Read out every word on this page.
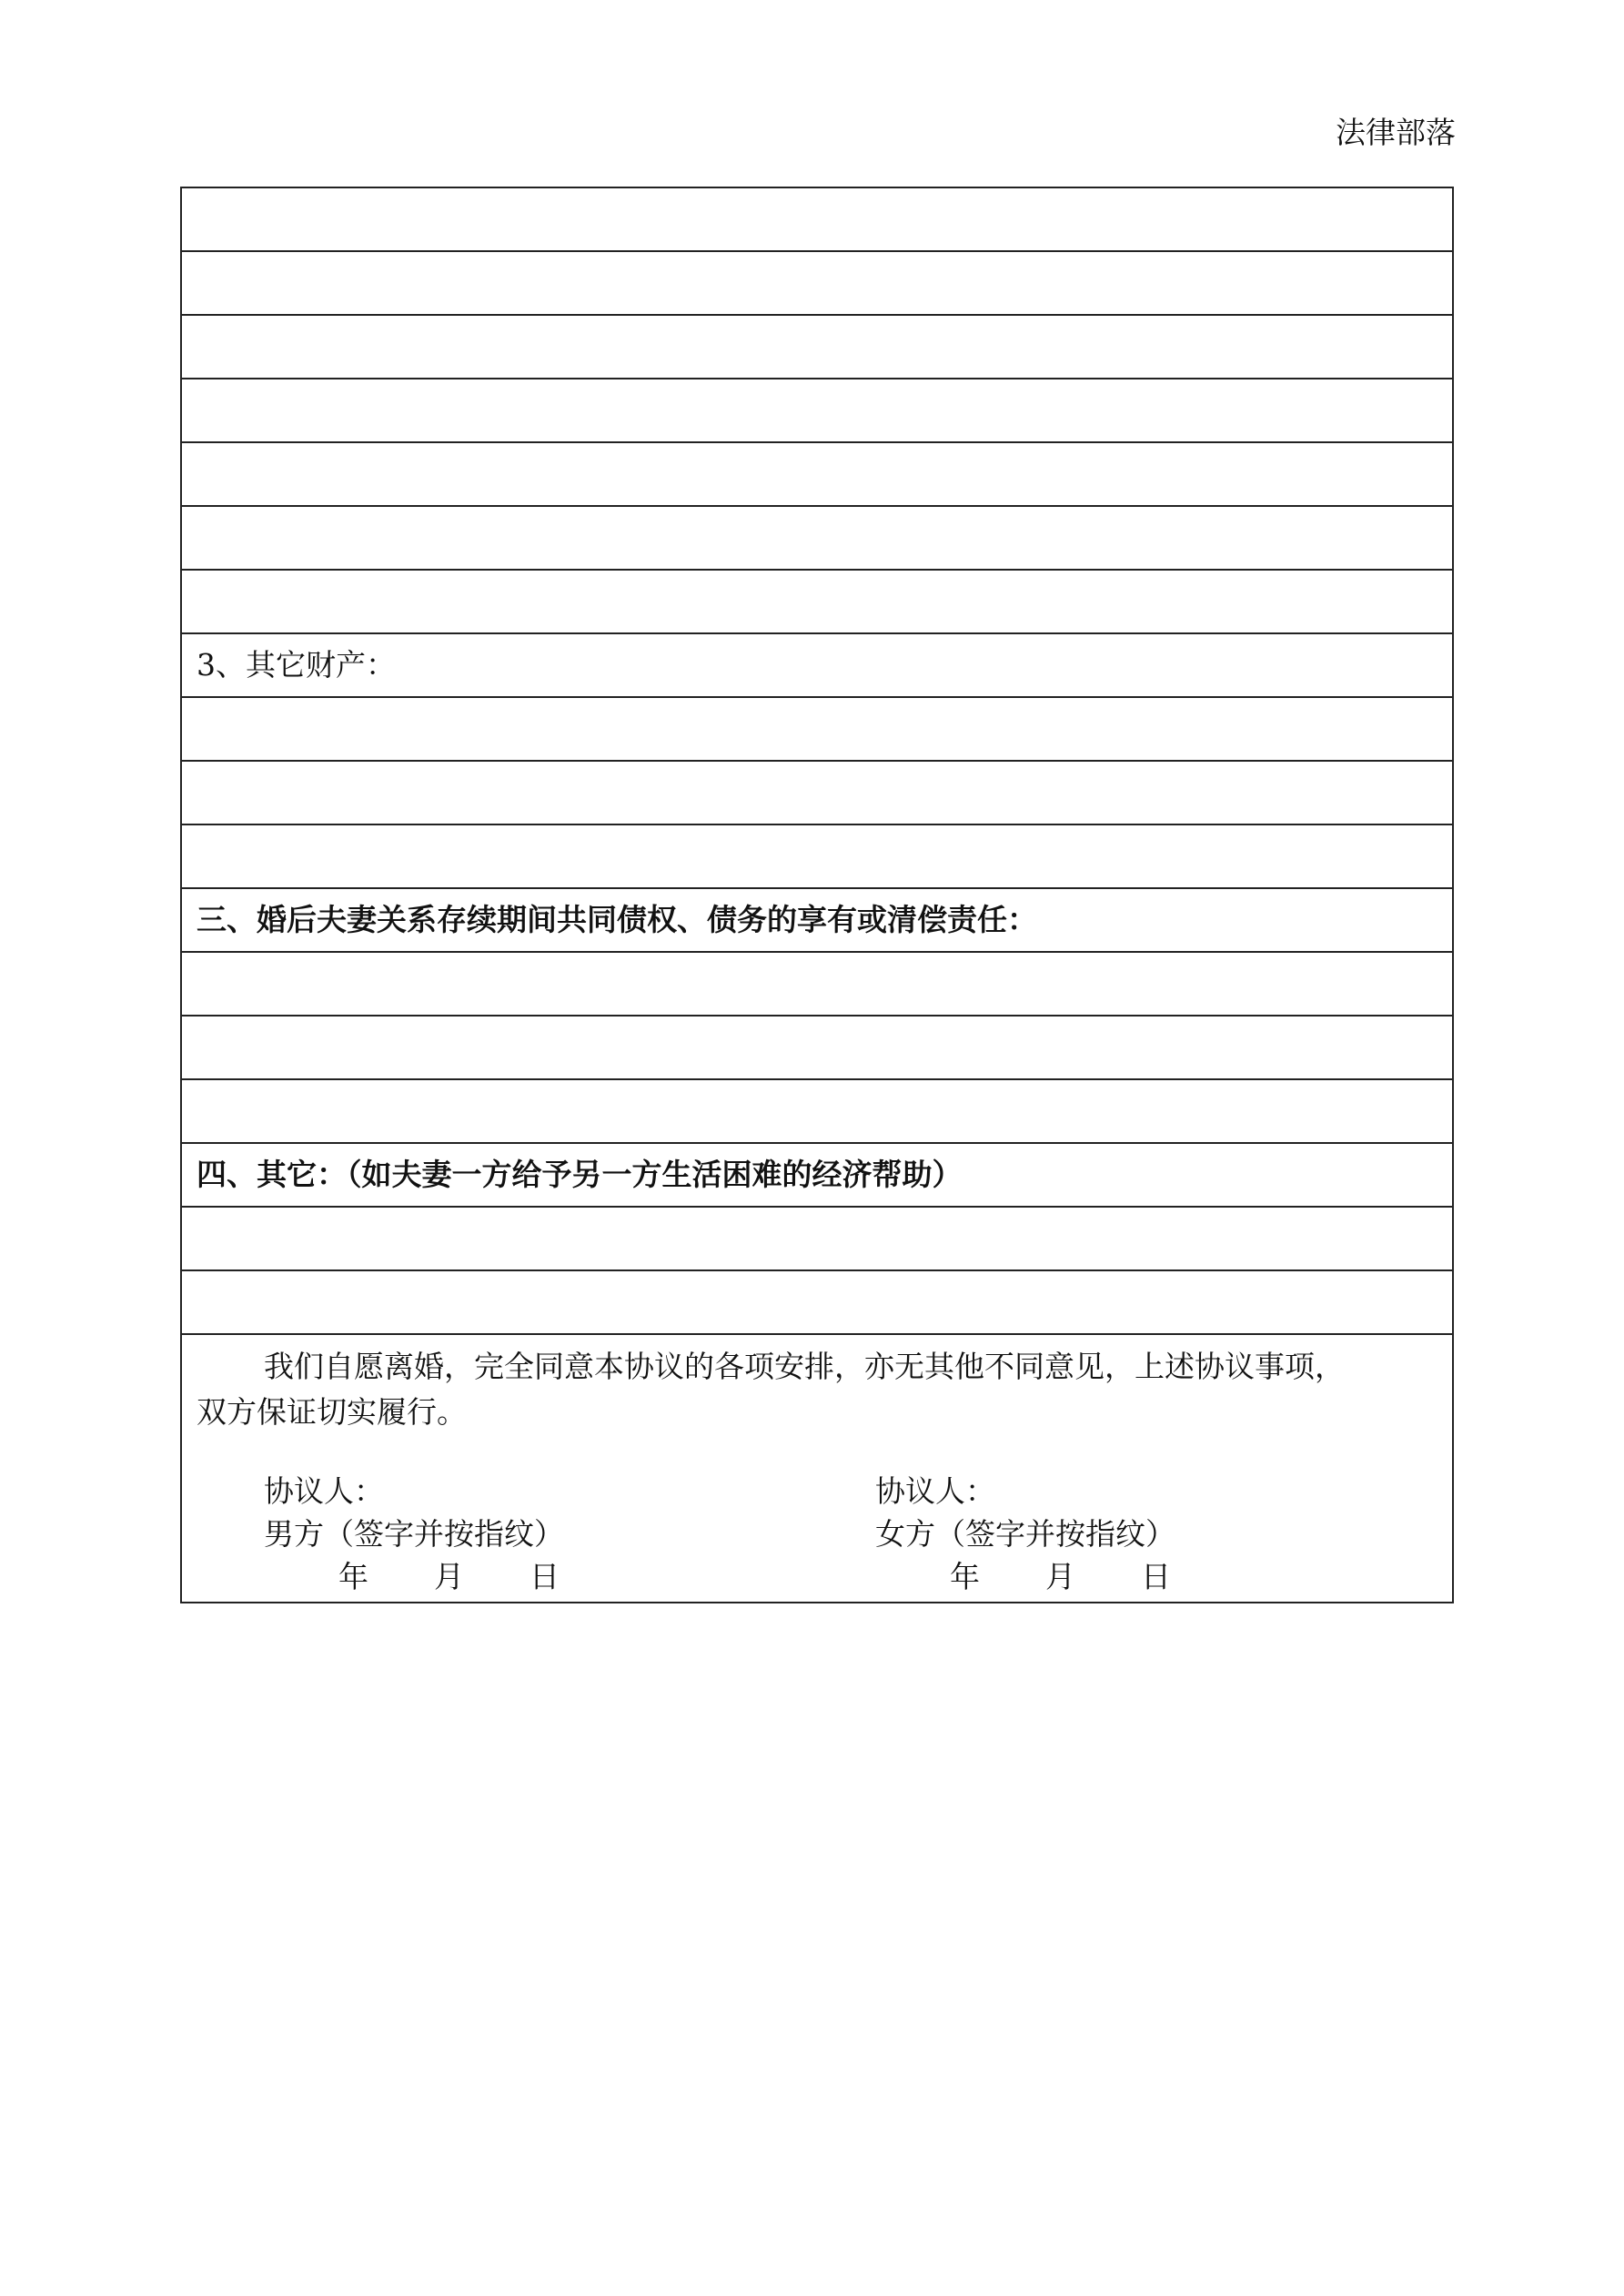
法律部落
3、其它财产：
三、婚后夫妻关系存续期间共同债权、债务的享有或清偿责任：
四、其它：（如夫妻一方给予另一方生活困难的经济帮助）
我们自愿离婚，完全同意本协议的各项安排，亦无其他不同意见，上述协议事项，
双方保证切实履行。
协议人：
男方（签字并按指纹）
年 月 日
协议人：
女方（签字并按指纹）
年 月 日
